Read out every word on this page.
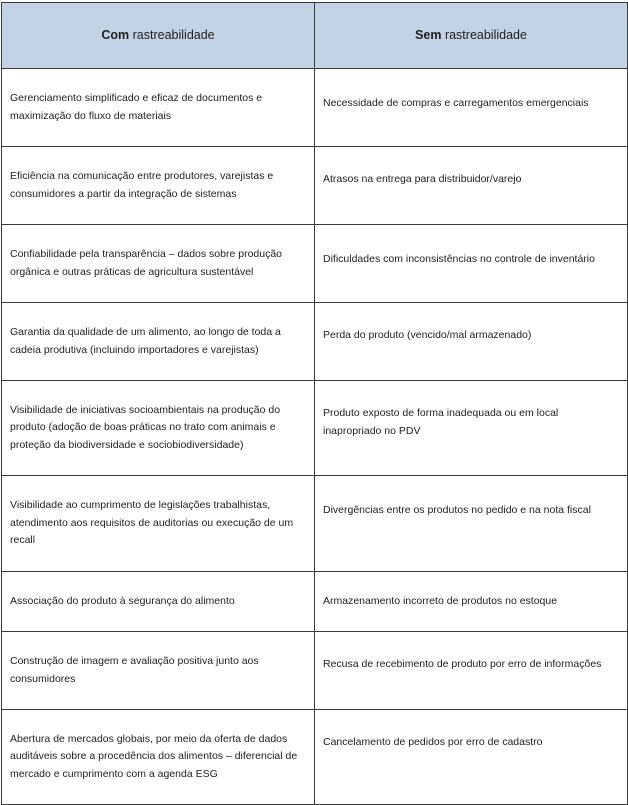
Com rastreabilidade	Sem rastreabilidade
Gerenciamento simplificado e eficaz de documentos e maximização do fluxo de materiais	Necessidade de compras e carregamentos emergenciais

Eficiência na comunicação entre produtores, varejistas e consumidores a partir da integração de sistemas	Atrasos na entrega para distribuidor/varejo

Confiabilidade pela transparência – dados sobre produção orgânica e outras práticas de agricultura sustentável	Dificuldades com inconsistências no controle de inventário

Garantia da qualidade de um alimento, ao longo de toda a cadeia produtiva (incluindo importadores e varejistas)	Perda do produto (vencido/mal armazenado)

Visibilidade de iniciativas socioambientais na produção do produto (adoção de boas práticas no trato com animais e proteção da biodiversidade e sociobiodiversidade)	Produto exposto de forma inadequada ou em local inapropriado no PDV

Visibilidade ao cumprimento de legislações trabalhistas, atendimento aos requisitos de auditorias ou execução de um recall	Divergências entre os produtos no pedido e na nota fiscal

Associação do produto à segurança do alimento	Armazenamento incorreto de produtos no estoque

Construção de imagem e avaliação positiva junto aos consumidores	Recusa de recebimento de produto por erro de informações

Abertura de mercados globais, por meio da oferta de dados auditáveis sobre a procedência dos alimentos – diferencial de mercado e cumprimento com a agenda ESG	Cancelamento de pedidos por erro de cadastro
